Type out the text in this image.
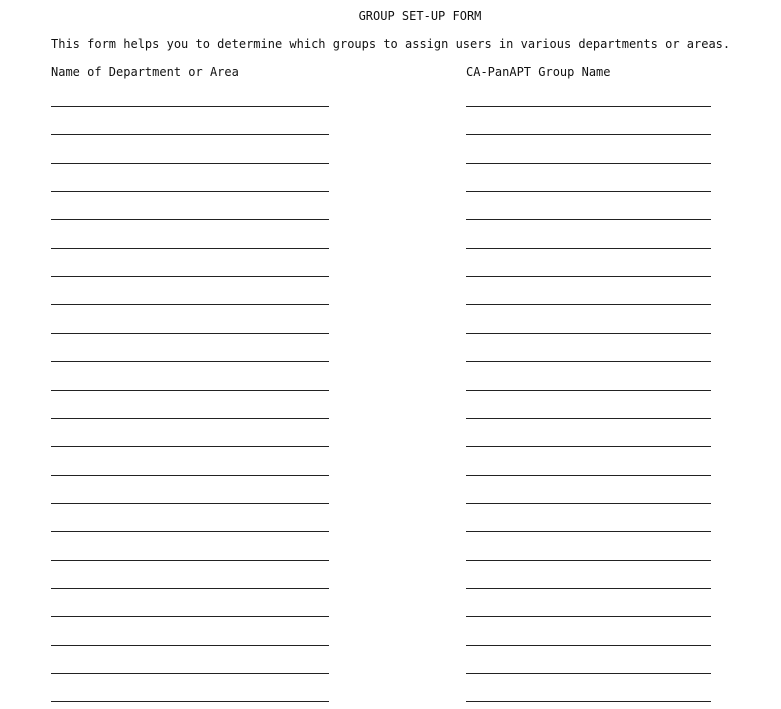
GROUP SET-UP FORM
This form helps you to determine which groups to assign users in various departments or areas.
Name of Department or Area	CA-PanAPT Group Name
